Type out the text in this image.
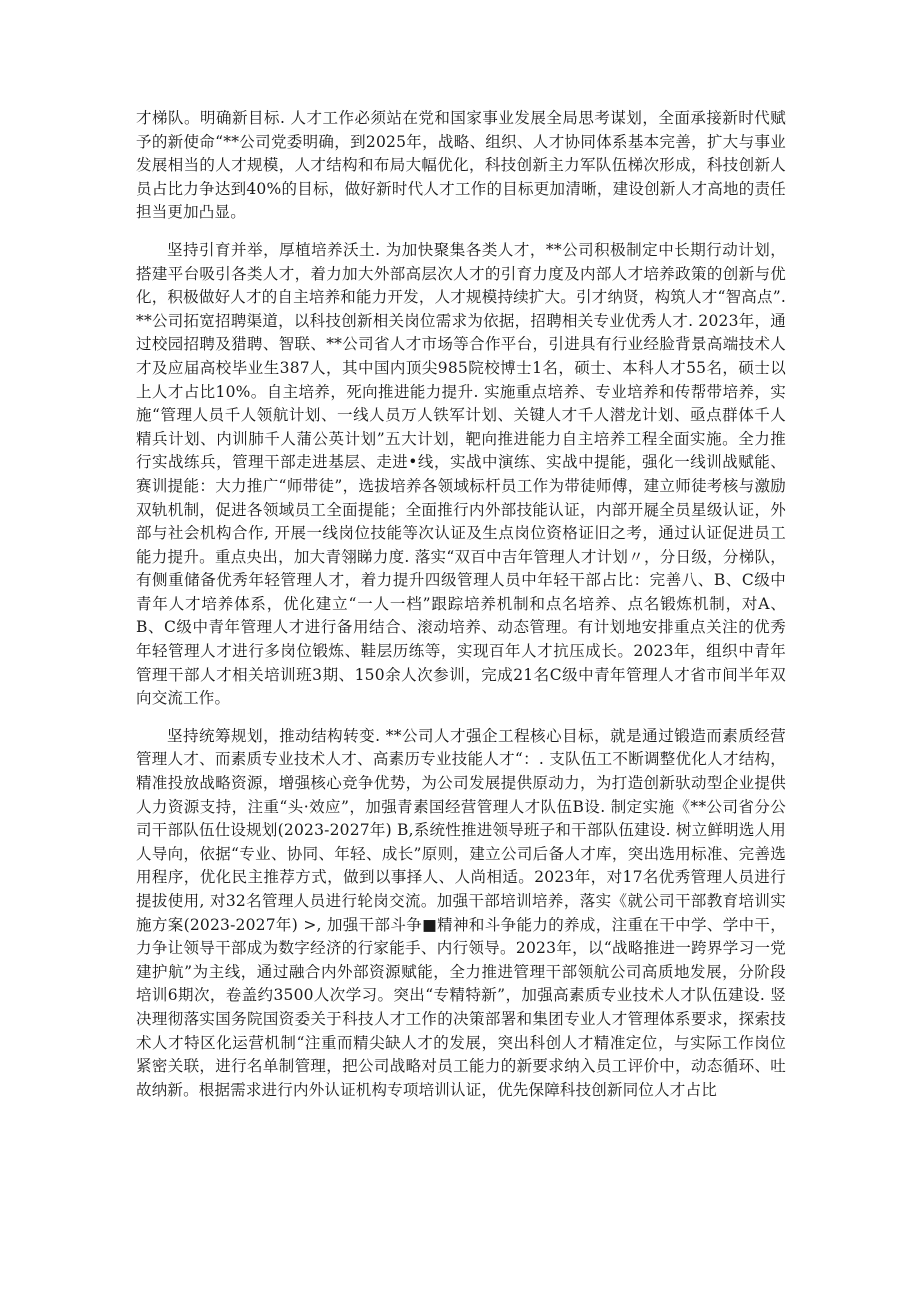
才梯队。明确新目标. 人才工作必须站在党和国家事业发展全局思考谋划，全面承接新时代赋予的新使命“**公司党委明确，到2025年，战略、组织、人才协同体系基本完善，扩大与事业发展相当的人才规模，人才结构和布局大幅优化，科技创新主力军队伍梯次形成，科技创新人员占比力争达到40%的目标，做好新时代人才工作的目标更加清晰，建设创新人才高地的责任担当更加凸显。

坚持引育并举，厚植培养沃土. 为加快聚集各类人才，**公司积极制定中长期行动计划，搭建平台吸引各类人才，着力加大外部高层次人才的引育力度及内部人才培养政策的创新与优化，积极做好人才的自主培养和能力开发，人才规模持续扩大。引才纳贤，构筑人才“智高点”. **公司拓宽招聘渠道，以科技创新相关岗位需求为依据，招聘相关专业优秀人才. 2023年，通过校园招聘及猎聘、智联、**公司省人才市场等合作平台，引进具有行业经脸背景高端技术人才及应届高校毕业生387人，其中国内顶尖985院校博士1名，硕士、本科人才55名，硕士以上人才占比10%。自主培养，死向推进能力提升. 实施重点培养、专业培养和传帮带培养，实施“管理人员千人领航计划、一线人员万人铁军计划、关键人才千人潜龙计划、亟点群体千人精兵计划、内训肺千人蒲公英计划”五大计划，靶向推进能力自主培养工程全面实施。全力推行实战练兵，管理干部走进基层、走进•线，实战中演练、实战中提能，强化一线训战赋能、赛训提能：大力推广“师带徒”，选拔培养各领域标杆员工作为带徒师傅，建立师徒考核与激励双轨机制，促进各领域员工全面提能；全面推行内外部技能认证，内部开屣全员星级认证，外部与社会机构合作, 开展一线岗位技能等次认证及生点岗位资格证旧之考，通过认证促进员工能力提升。重点央出，加大青翎睇力度. 落实“双百中吉年管理人才计划〃，分日级，分梯队，有侧重储备优秀年轻管理人才，着力提升四级管理人员中年轻干部占比：完善八、B、C级中青年人才培养体系，优化建立“一人一档”跟踪培养机制和点名培养、点名锻炼机制，对A、B、C级中青年管理人才进行备用结合、滚动培养、动态管理。有计划地安排重点关注的优秀年轻管理人才进行多岗位锻炼、鞋层历练等，实现百年人才抗压成长。2023年，组织中青年管理干部人才相关培训班3期、150余人次参训，完成21名C级中青年管理人才省市间半年双向交流工作。

坚持统筹规划，推动结构转变. **公司人才强企工程核心目标，就是通过锻造而素质经营管理人才、而素质专业技术人才、高素历专业技能人才“：. 支队伍工不断调整优化人才结构，精准投放战略资源，增强核心竞争优势，为公司发展提供原动力，为打造创新驮动型企业提供人力资源支持，注重“头·效应”，加强青素国经营管理人才队伍B设. 制定实施《**公司省分公司干部队伍仕设规划(2023-2027年) B,系统性推进领导班子和干部队伍建设. 树立鲜明选人用人导向，依据“专业、协同、年轻、成长”原则，建立公司后备人才库，突出选用标准、完善选用程序，优化民主推荐方式，做到以事择人、人尚相适。2023年，对17名优秀管理人员进行提拔使用, 对32名管理人员进行轮岗交流。加强干部培训培养，落实《就公司干部教育培训实施方案(2023-2027年) >, 加强干部斗争■精神和斗争能力的养成，注重在干中学、学中干，力争让领导干部成为数字经济的行家能手、内行领导。2023年，以“战略推进一跨界学习一党建护航”为主线，通过融合内外部资源赋能，全力推进管理干部领航公司高质地发展，分阶段培训6期次，卷盖约3500人次学习。突出“专精特新”，加强高素质专业技术人才队伍建设. 竖决理彻落实国务院国资委关于科技人才工作的决策部署和集团专业人才管理体系要求，探索技术人才特区化运营机制“注重而精尖缺人才的发展，突出科创人才精准定位，与实际工作岗位紧密关联，进行名单制管理，把公司战略对员工能力的新要求纳入员工评价中，动态循环、吐故纳新。根据需求进行内外认证机构专项培训认证，优先保障科技创新同位人才占比
